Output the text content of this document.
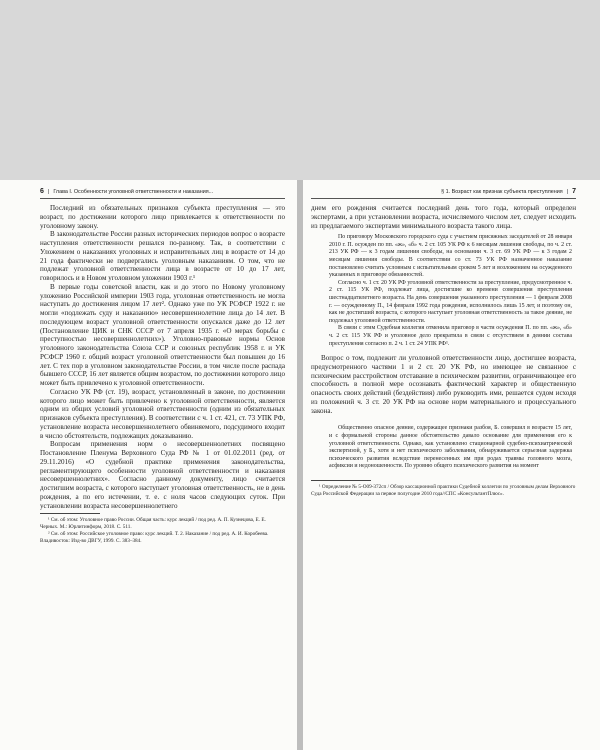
6 | Глава I. Особенности уголовной ответственности и наказания...

Последний из обязательных признаков субъекта преступления — это возраст, по достижении которого лицо привлекается к ответственности по уголовному закону.

В законодательстве России разных исторических периодов вопрос о возрасте наступления ответственности решался по-разному. Так, в соответствии с Уложением о наказаниях уголовных и исправительных лиц в возрасте от 14 до 21 года фактически не подвергались уголовным наказаниям. О том, что не подлежат уголовной ответственности лица в возрасте от 10 до 17 лет, говорилось и в Новом уголовном уложении 1903 г.¹

В первые годы советской власти, как и до этого по Новому уголовному уложению Российской империи 1903 года, уголовная ответственность не могла наступать до достижения лицом 17 лет². Однако уже по УК РСФСР 1922 г. не могли «подлежать суду и наказанию» несовершеннолетние лица до 14 лет. В последующем возраст уголовной ответственности опускался даже до 12 лет (Постановление ЦИК и СНК СССР от 7 апреля 1935 г. «О мерах борьбы с преступностью несовершеннолетних»). Уголовно-правовые нормы Основ уголовного законодательства Союза ССР и союзных республик 1958 г. и УК РСФСР 1960 г. общий возраст уголовной ответственности был повышен до 16 лет. С тех пор в уголовном законодательстве России, в том числе после распада бывшего СССР, 16 лет является общим возрастом, по достижении которого лицо может быть привлечено к уголовной ответственности.

Согласно УК РФ (ст. 19), возраст, установленный в законе, по достижении которого лицо может быть привлечено к уголовной ответственности, является одним из общих условий уголовной ответственности (одним из обязательных признаков субъекта преступления). В соответствии с ч. 1 ст. 421, ст. 73 УПК РФ, установление возраста несовершеннолетнего обвиняемого, подсудимого входит в число обстоятельств, подлежащих доказыванию.

Вопросам применения норм о несовершеннолетних посвящено Постановление Пленума Верховного Суда РФ № 1 от 01.02.2011 (ред. от 29.11.2016) «О судебной практике применения законодательства, регламентирующего особенности уголовной ответственности и наказания несовершеннолетних». Согласно данному документу, лицо считается достигшим возраста, с которого наступает уголовная ответственность, не в день рождения, а по его истечении, т. е. с ноля часов следующих суток. При установлении возраста несовершеннолетнего

¹ См. об этом: Уголовное право России. Общая часть: курс лекций / под ред. А. П. Кузнецова, Е. Е. Черных. М.: Юрлитинформ, 2018. С. 511.

² См. об этом: Российское уголовное право: курс лекций. Т. 2. Наказание / под ред. А. И. Коробеева. Владивосток: Изд-во ДВГУ, 1999. С. 383–384.

§ 1. Возраст как признак субъекта преступления | 7

днем его рождения считается последний день того года, который определен экспертами, а при установлении возраста, исчисляемого числом лет, следует исходить из предлагаемого экспертами минимального возраста такого лица.

По приговору Московского городского суда с участием присяжных заседателей от 28 января 2010 г. П. осужден по пп. «ж», «б» ч. 2 ст. 105 УК РФ к 6 месяцам лишения свободы, по ч. 2 ст. 213 УК РФ — к 3 годам лишения свободы, на основании ч. 3 ст. 69 УК РФ — к 3 годам 2 месяцам лишения свободы. В соответствии со ст. 73 УК РФ назначенное наказание постановлено считать условным с испытательным сроком 5 лет и возложением на осужденного указанных в приговоре обязанностей.

Согласно ч. 1 ст. 20 УК РФ уголовной ответственности за преступление, предусмотренное ч. 2 ст. 115 УК РФ, подлежат лица, достигшие ко времени совершения преступления шестнадцатилетнего возраста. На день совершения указанного преступления — 1 февраля 2008 г. — осужденному П., 14 февраля 1992 года рождения, исполнилось лишь 15 лет, и поэтому он, как не достигший возраста, с которого наступает уголовная ответственность за такое деяние, не подлежал уголовной ответственности.

В связи с этим Судебная коллегия отменила приговор в части осуждения П. по пп. «ж», «б» ч. 2 ст. 115 УК РФ и уголовное дело прекратила в связи с отсутствием в деянии состава преступления согласно п. 2 ч. 1 ст. 24 УПК РФ¹.

Вопрос о том, подлежит ли уголовной ответственности лицо, достигшее возраста, предусмотренного частями 1 и 2 ст. 20 УК РФ, но имеющее не связанное с психическим расстройством отставание в психическом развитии, ограничивающее его способность в полной мере осознавать фактический характер и общественную опасность своих действий (бездействия) либо руководить ими, решается судом исходя из положений ч. 3 ст. 20 УК РФ на основе норм материального и процессуального закона.

Общественно опасное деяние, содержащее признаки разбоя, Б. совершил в возрасте 15 лет, и с формальной стороны данное обстоятельство давало основание для применения его к уголовной ответственности. Однако, как установлено стационарной судебно-психиатрической экспертизой, у Б., хотя и нет психического заболевания, обнаруживается серьезная задержка психического развития вследствие перенесенных им при родах травмы головного мозга, асфиксии и недоношенности. По уровню общего психического развития на момент

¹ Определение № 5-О09-372сп / Обзор кассационной практики Судебной коллегии по уголовным делам Верховного Суда Российской Федерации за первое полугодие 2010 года//СПС «КонсультантПлюс».
